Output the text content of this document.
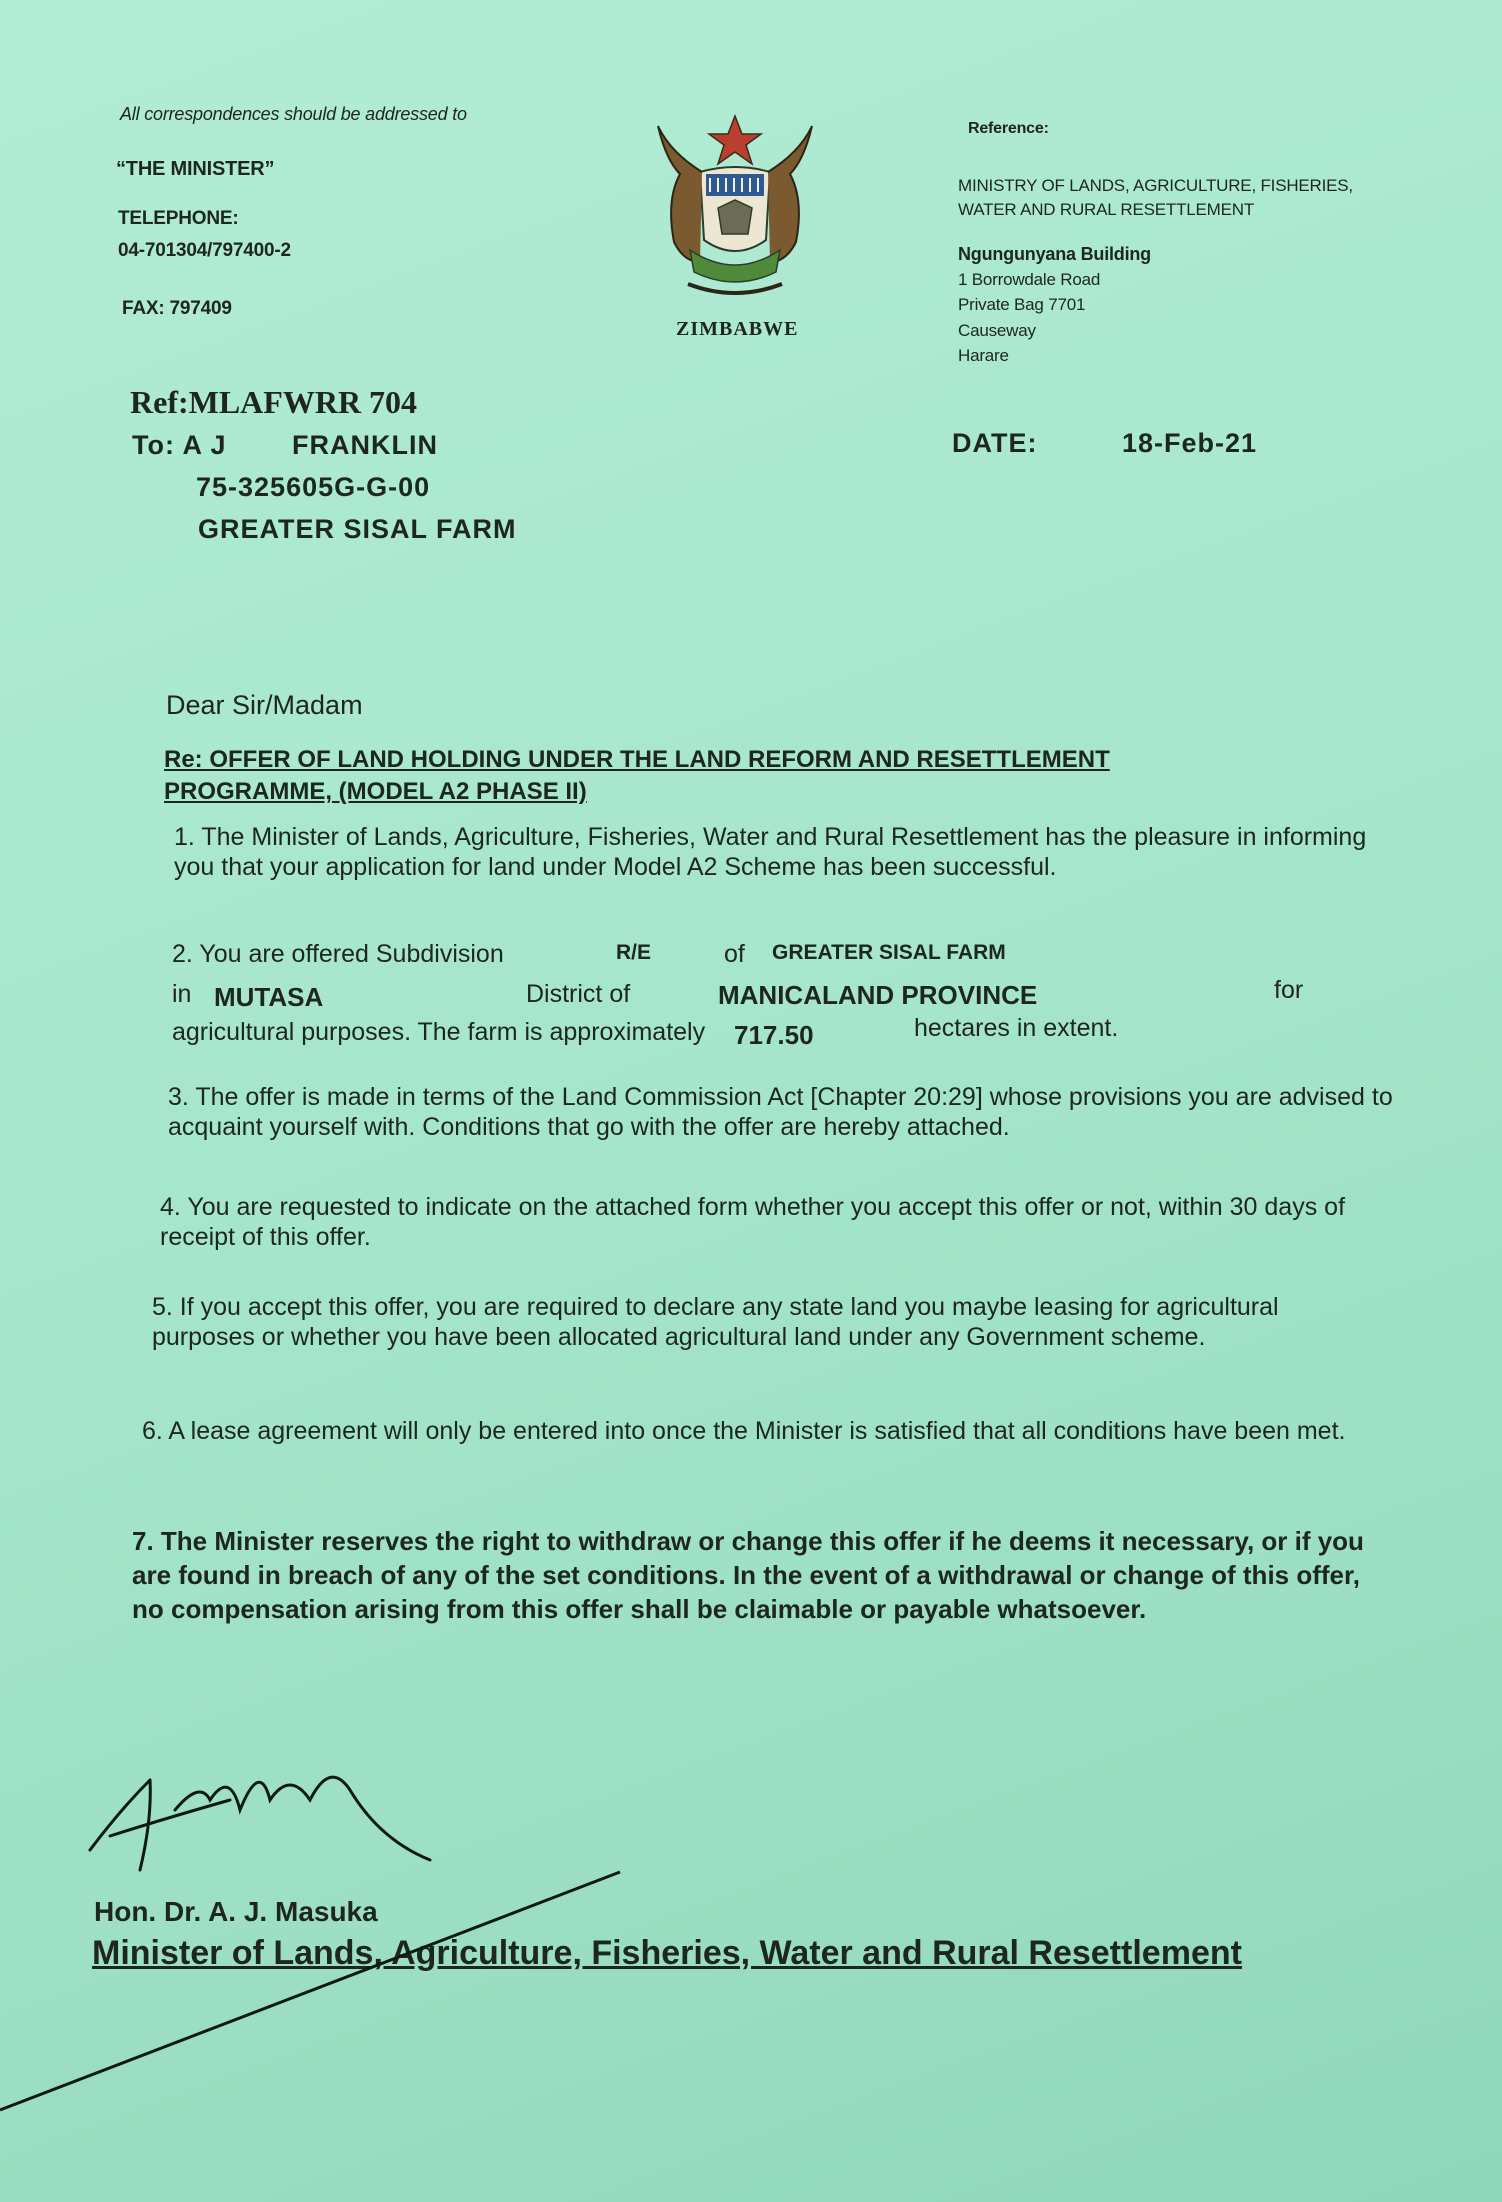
All correspondences should be addressed to
“THE MINISTER”
TELEPHONE:
04-701304/797400-2
FAX: 797409
ZIMBABWE
Reference:
MINISTRY OF LANDS, AGRICULTURE, FISHERIES,
WATER AND RURAL RESETTLEMENT
Ngungunyana Building
1 Borrowdale Road
Private Bag 7701
Causeway
Harare
Ref:MLAFWRR 704
To: A J FRANKLIN
75-325605G-G-00
GREATER SISAL FARM
DATE:	18-Feb-21
Dear Sir/Madam
Re: OFFER OF LAND HOLDING UNDER THE LAND REFORM AND RESETTLEMENT
PROGRAMME, (MODEL A2 PHASE II)
1. The Minister of Lands, Agriculture, Fisheries, Water and Rural Resettlement has the pleasure in informing you that your application for land under Model A2 Scheme has been successful.
2. You are offered Subdivision	R/E	of GREATER SISAL FARM
in MUTASA	District of	MANICALAND PROVINCE	for
agricultural purposes. The farm is approximately 717.50	hectares in extent.
3. The offer is made in terms of the Land Commission Act [Chapter 20:29] whose provisions you are advised to acquaint yourself with. Conditions that go with the offer are hereby attached.
4. You are requested to indicate on the attached form whether you accept this offer or not, within 30 days of receipt of this offer.
5. If you accept this offer, you are required to declare any state land you maybe leasing for agricultural purposes or whether you have been allocated agricultural land under any Government scheme.
6. A lease agreement will only be entered into once the Minister is satisfied that all conditions have been met.
7. The Minister reserves the right to withdraw or change this offer if he deems it necessary, or if you are found in breach of any of the set conditions. In the event of a withdrawal or change of this offer, no compensation arising from this offer shall be claimable or payable whatsoever.
Hon. Dr. A. J. Masuka
Minister of Lands, Agriculture, Fisheries, Water and Rural Resettlement
